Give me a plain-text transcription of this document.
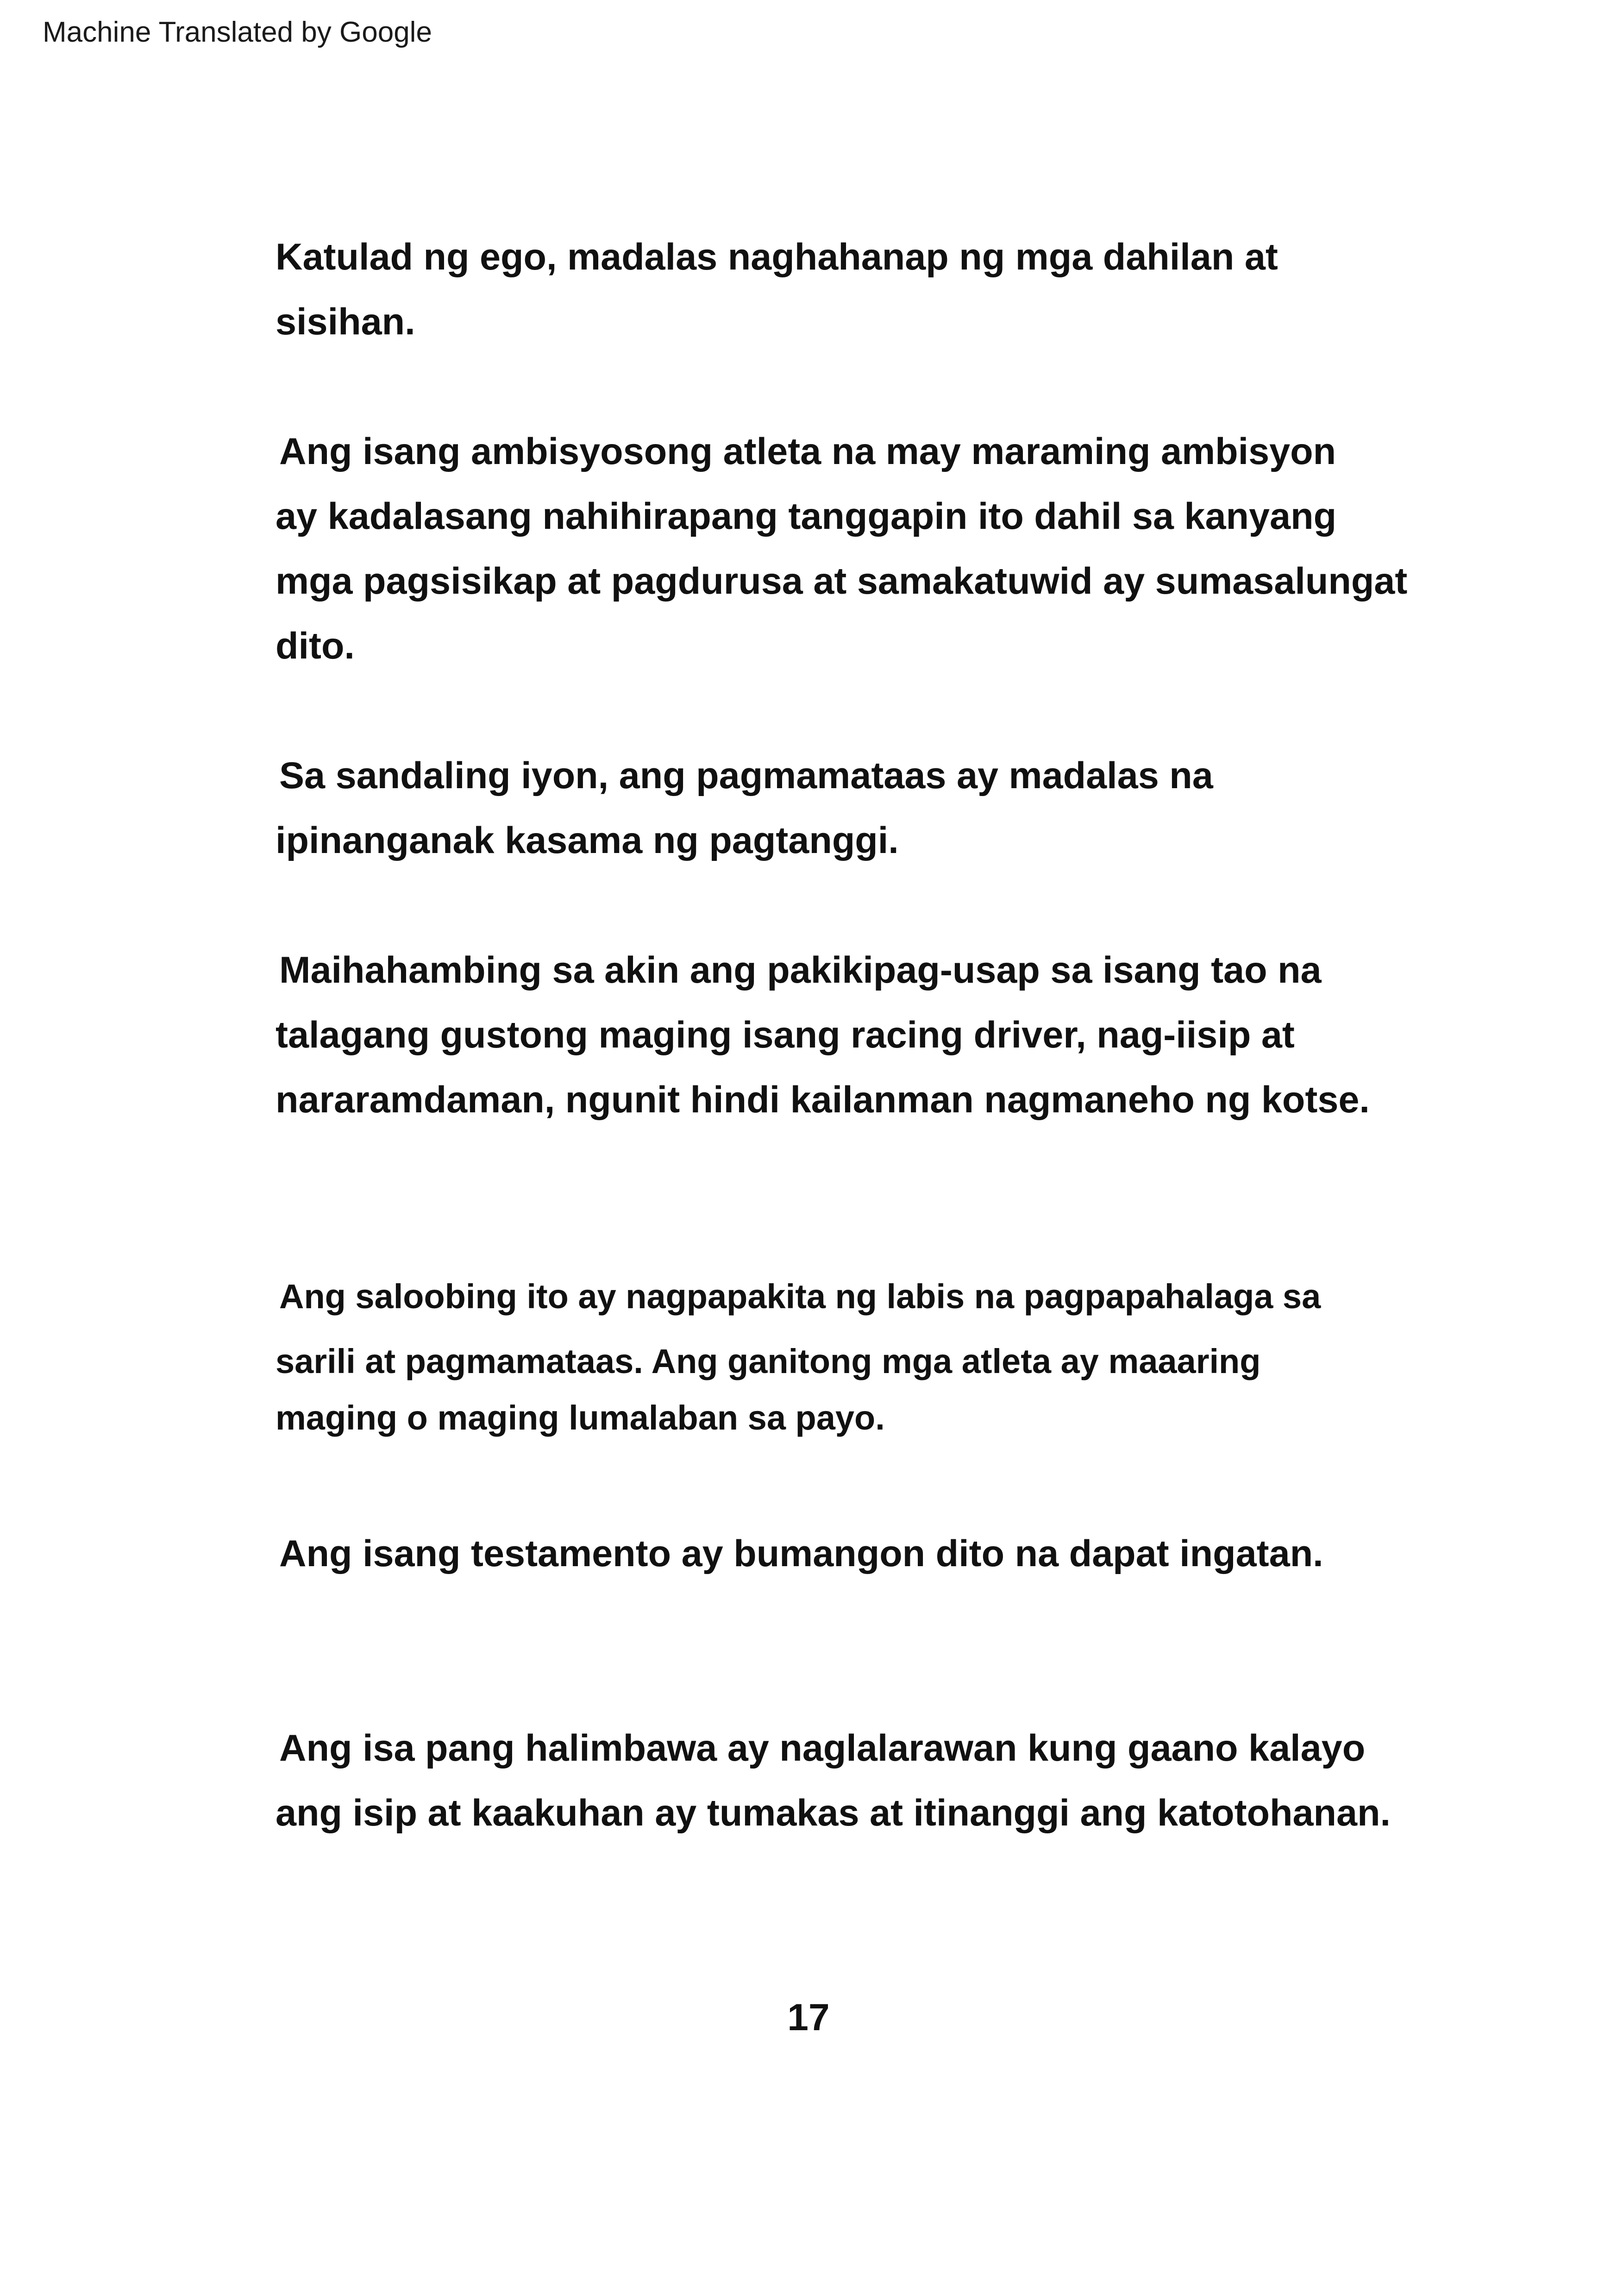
Machine Translated by Google
Katulad ng ego, madalas naghahanap ng mga dahilan at
sisihan.
Ang isang ambisyosong atleta na may maraming ambisyon
ay kadalasang nahihirapang tanggapin ito dahil sa kanyang
mga pagsisikap at pagdurusa at samakatuwid ay sumasalungat
dito.
Sa sandaling iyon, ang pagmamataas ay madalas na
ipinanganak kasama ng pagtanggi.
Maihahambing sa akin ang pakikipag-usap sa isang tao na
talagang gustong maging isang racing driver, nag-iisip at
nararamdaman, ngunit hindi kailanman nagmaneho ng kotse.
Ang saloobing ito ay nagpapakita ng labis na pagpapahalaga sa
sarili at pagmamataas. Ang ganitong mga atleta ay maaaring
maging o maging lumalaban sa payo.
Ang isang testamento ay bumangon dito na dapat ingatan.
Ang isa pang halimbawa ay naglalarawan kung gaano kalayo
ang isip at kaakuhan ay tumakas at itinanggi ang katotohanan.
17
